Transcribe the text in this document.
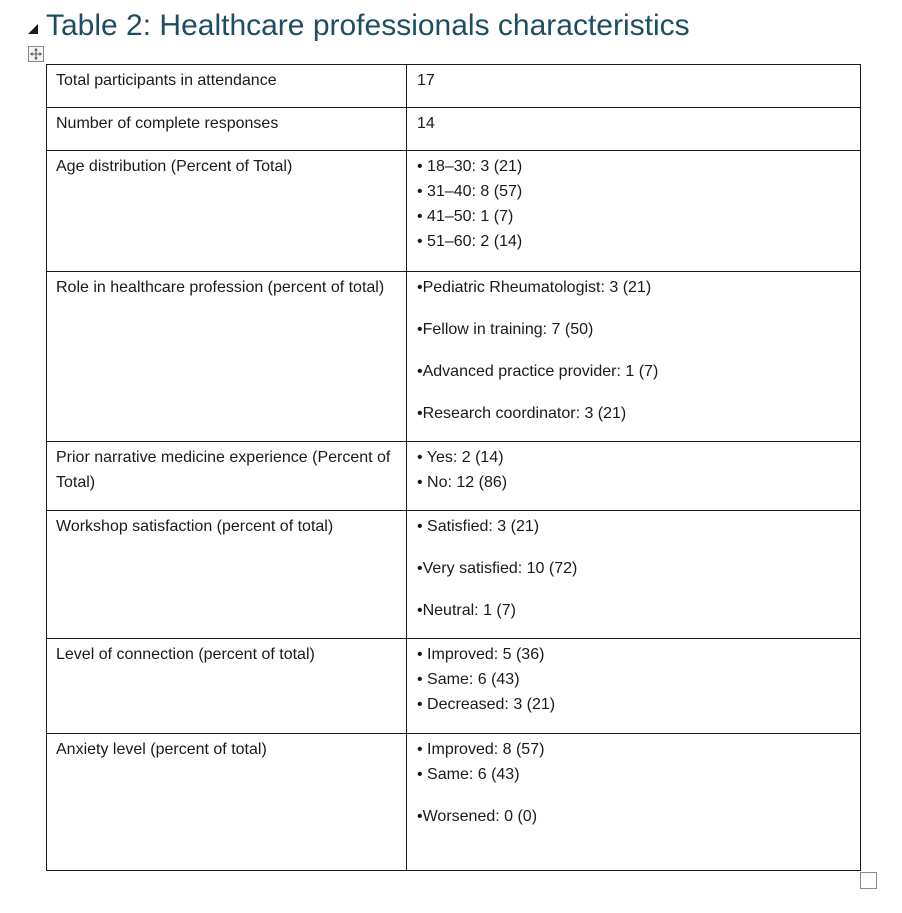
Table 2: Healthcare professionals characteristics
Total participants in attendance	17
Number of complete responses	14
Age distribution (Percent of Total)	• 18–30: 3 (21)
• 31–40: 8 (57)
• 41–50: 1 (7)
• 51–60: 2 (14)

Role in healthcare profession (percent of total)	•Pediatric Rheumatologist: 3 (21)
•Fellow in training: 7 (50)
•Advanced practice provider: 1 (7)
•Research coordinator: 3 (21)

Prior narrative medicine experience (Percent of Total)	• Yes: 2 (14)
• No: 12 (86)

Workshop satisfaction (percent of total)	• Satisfied: 3 (21)
•Very satisfied: 10 (72)
•Neutral: 1 (7)

Level of connection (percent of total)	• Improved: 5 (36)
• Same: 6 (43)
• Decreased: 3 (21)

Anxiety level (percent of total)	• Improved: 8 (57)
• Same: 6 (43)
•Worsened: 0 (0)
